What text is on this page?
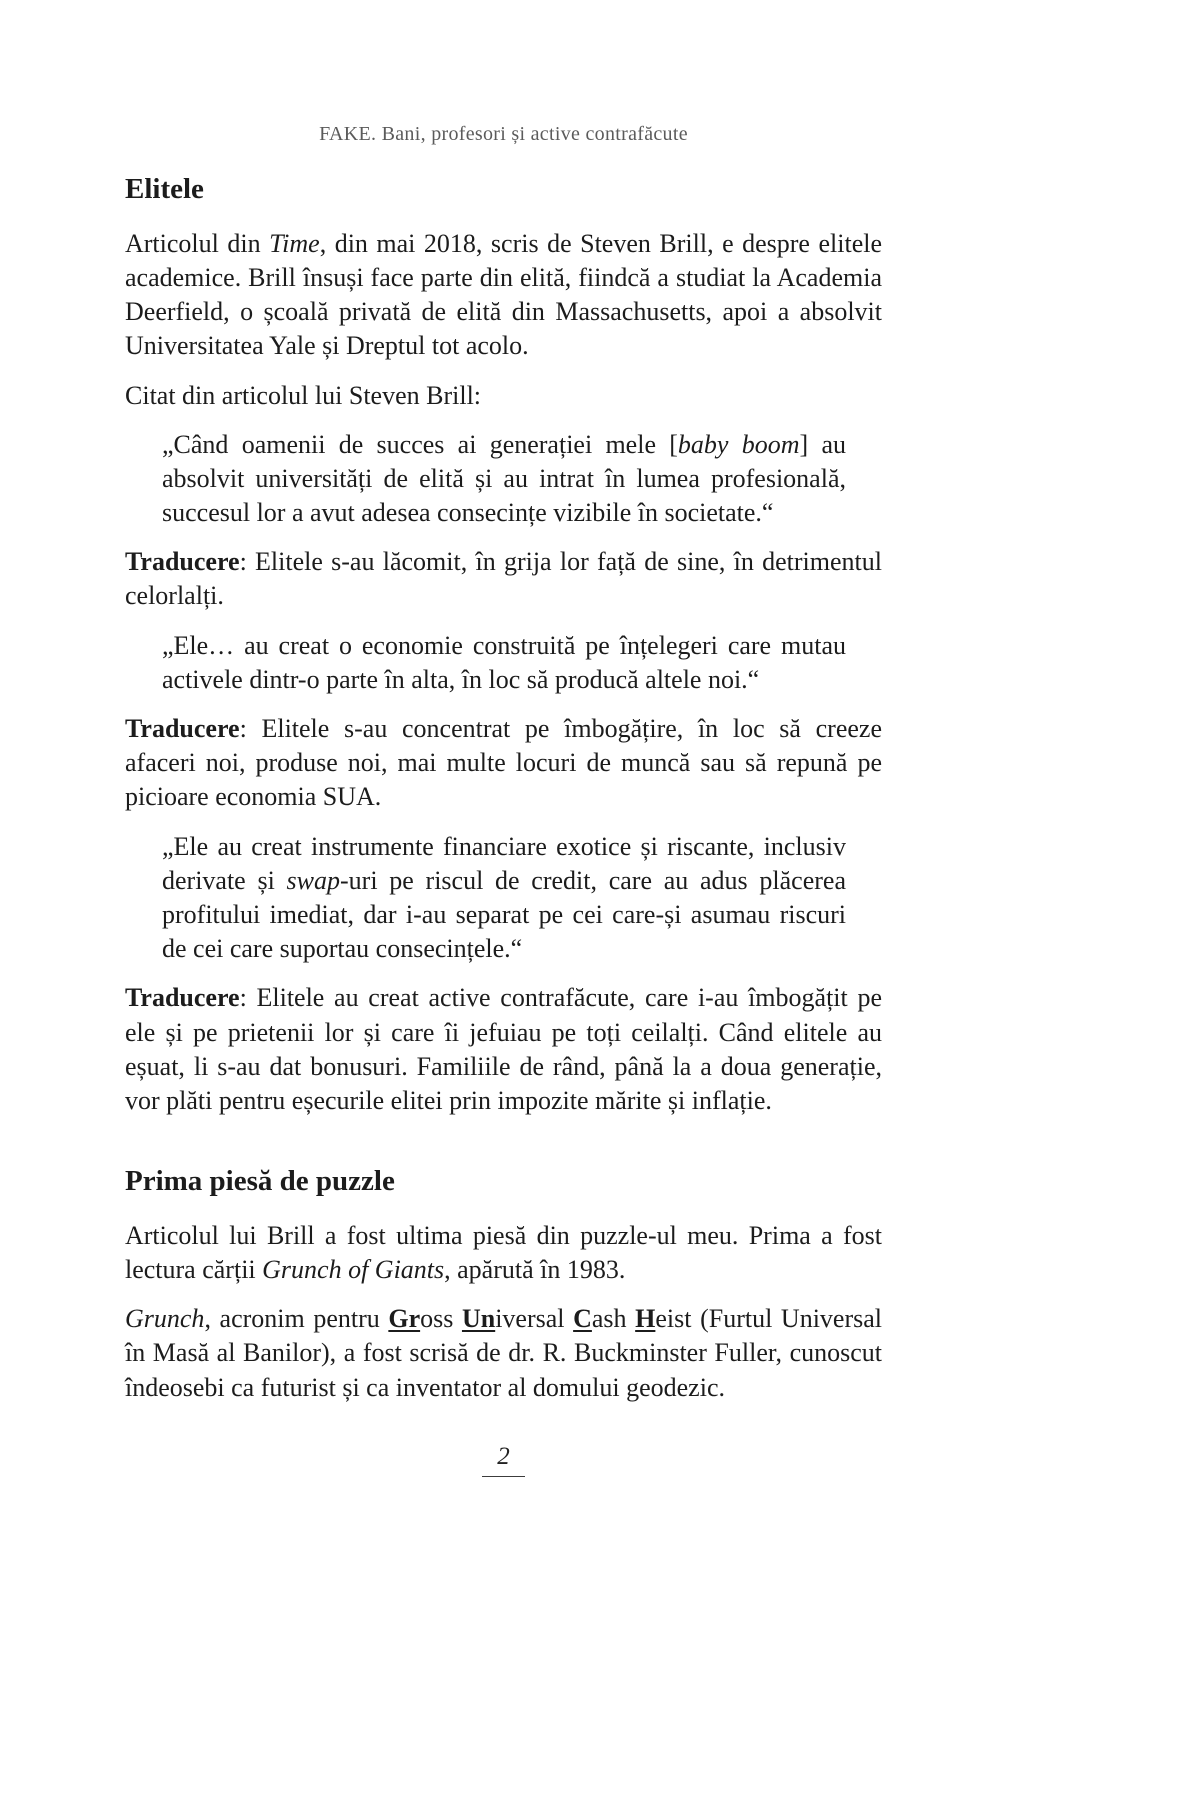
FAKE. Bani, profesori și active contrafăcute
Elitele

Articolul din Time, din mai 2018, scris de Steven Brill, e despre elitele academice. Brill însuși face parte din elită, fiindcă a studiat la Academia Deerfield, o școală privată de elită din Massachusetts, apoi a absolvit Universitatea Yale și Dreptul tot acolo.

Citat din articolul lui Steven Brill:

„Când oamenii de succes ai generației mele [baby boom] au absolvit universități de elită și au intrat în lumea profesională, succesul lor a avut adesea consecințe vizibile în societate.“

Traducere: Elitele s-au lăcomit, în grija lor față de sine, în detrimentul celorlalți.

„Ele… au creat o economie construită pe înțelegeri care mutau activele dintr-o parte în alta, în loc să producă altele noi.“

Traducere: Elitele s-au concentrat pe îmbogățire, în loc să creeze afaceri noi, produse noi, mai multe locuri de muncă sau să repună pe picioare economia SUA.

„Ele au creat instrumente financiare exotice și riscante, inclusiv derivate și swap-uri pe riscul de credit, care au adus plăcerea profitului imediat, dar i-au separat pe cei care-și asumau riscuri de cei care suportau consecințele.“

Traducere: Elitele au creat active contrafăcute, care i-au îmbogățit pe ele și pe prietenii lor și care îi jefuiau pe toți ceilalți. Când elitele au eșuat, li s-au dat bonusuri. Familiile de rând, până la a doua generație, vor plăti pentru eșecurile elitei prin impozite mărite și inflație.

Prima piesă de puzzle

Articolul lui Brill a fost ultima piesă din puzzle-ul meu. Prima a fost lectura cărții Grunch of Giants, apărută în 1983.

Grunch, acronim pentru Gross Universal Cash Heist (Furtul Universal în Masă al Banilor), a fost scrisă de dr. R. Buckminster Fuller, cunoscut îndeosebi ca futurist și ca inventator al domului geodezic.

2
